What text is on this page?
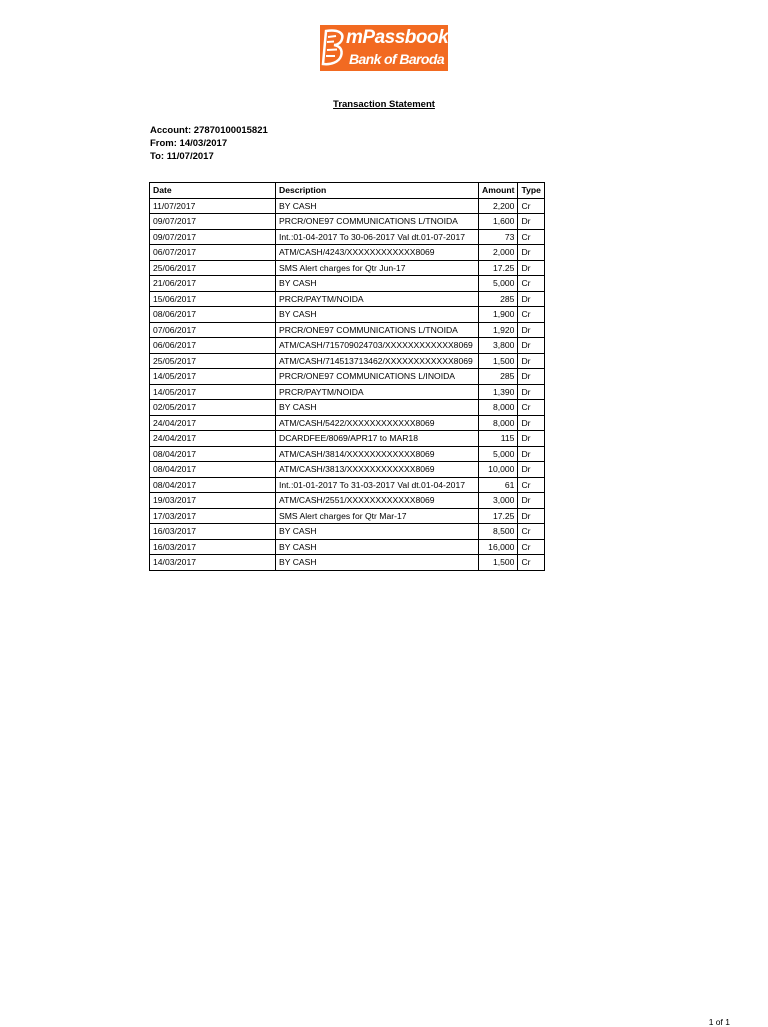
mPassbook
Bank of Baroda
Transaction Statement
Account: 27870100015821
From: 14/03/2017
To: 11/07/2017
Date	Description	Amount	Type
11/07/2017	BY CASH	2,200	Cr
09/07/2017	PRCR/ONE97 COMMUNICATIONS L/TNOIDA	1,600	Dr
09/07/2017	Int.:01-04-2017 To 30-06-2017 Val dt.01-07-2017	73	Cr
06/07/2017	ATM/CASH/4243/XXXXXXXXXXXX8069	2,000	Dr
25/06/2017	SMS Alert charges for Qtr Jun-17	17.25	Dr
21/06/2017	BY CASH	5,000	Cr
15/06/2017	PRCR/PAYTM/NOIDA	285	Dr
08/06/2017	BY CASH	1,900	Cr
07/06/2017	PRCR/ONE97 COMMUNICATIONS L/TNOIDA	1,920	Dr
06/06/2017	ATM/CASH/715709024703/XXXXXXXXXXXX8069	3,800	Dr
25/05/2017	ATM/CASH/714513713462/XXXXXXXXXXXX8069	1,500	Dr
14/05/2017	PRCR/ONE97 COMMUNICATIONS L/INOIDA	285	Dr
14/05/2017	PRCR/PAYTM/NOIDA	1,390	Dr
02/05/2017	BY CASH	8,000	Cr
24/04/2017	ATM/CASH/5422/XXXXXXXXXXXX8069	8,000	Dr
24/04/2017	DCARDFEE/8069/APR17 to MAR18	115	Dr
08/04/2017	ATM/CASH/3814/XXXXXXXXXXXX8069	5,000	Dr
08/04/2017	ATM/CASH/3813/XXXXXXXXXXXX8069	10,000	Dr
08/04/2017	Int.:01-01-2017 To 31-03-2017 Val dt.01-04-2017	61	Cr
19/03/2017	ATM/CASH/2551/XXXXXXXXXXXX8069	3,000	Dr
17/03/2017	SMS Alert charges for Qtr Mar-17	17.25	Dr
16/03/2017	BY CASH	8,500	Cr
16/03/2017	BY CASH	16,000	Cr
14/03/2017	BY CASH	1,500	Cr
1 of 1
